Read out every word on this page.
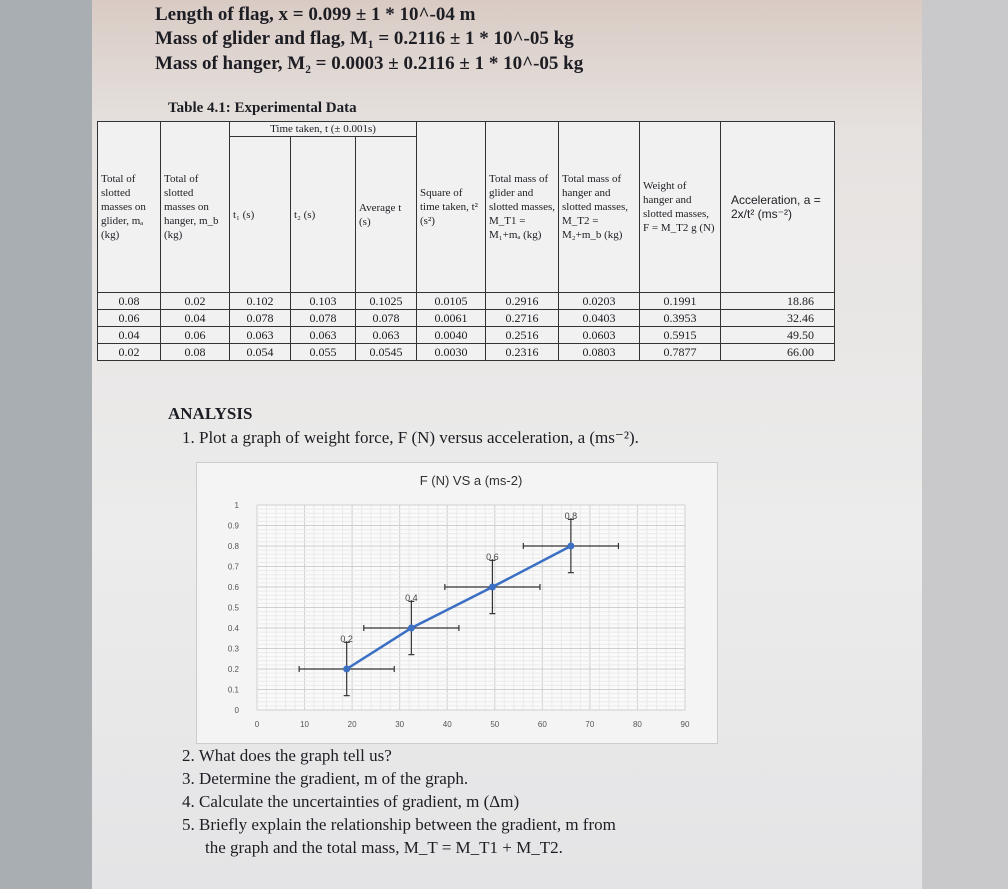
Length of flag, x = 0.099 ± 1 * 10^-04 m
Mass of glider and flag, M₁ = 0.2116 ± 1 * 10^-05 kg
Mass of hanger, M₂ = 0.0003 ± 0.2116 ± 1 * 10^-05 kg
Table 4.1: Experimental Data
Total of slotted masses on glider, mₐ (kg)	Total of slotted masses on hanger, m_b (kg)	Time taken, t (± 0.001s)			Square of time taken, t² (s²)	Total mass of glider and slotted masses, M_T1 = M₁+mₐ (kg)	Total mass of hanger and slotted masses, M_T2 = M₂+m_b (kg)	Weight of hanger and slotted masses, F = M_T2 g (N)	Acceleration, a = 2x/t² (ms⁻²)
		t₁ (s)	t₂ (s)	Average t (s)					
0.08	0.02	0.102	0.103	0.1025	0.0105	0.2916	0.0203	0.1991	18.86
0.06	0.04	0.078	0.078	0.078	0.0061	0.2716	0.0403	0.3953	32.46
0.04	0.06	0.063	0.063	0.063	0.0040	0.2516	0.0603	0.5915	49.50
0.02	0.08	0.054	0.055	0.0545	0.0030	0.2316	0.0803	0.7877	66.00
ANALYSIS
1. Plot a graph of weight force, F (N) versus acceleration, a (ms⁻²).
F (N) VS a (ms-2)
0	10	20	30	40	50	60	70	80	90
0
0.1
0.2
0.3
0.4
0.5
0.6
0.7
0.8
0.9
1
0.2
0.4
0.6
0.8
2. What does the graph tell us?
3. Determine the gradient, m of the graph.
4. Calculate the uncertainties of gradient, m (Δm)
5. Briefly explain the relationship between the gradient, m from
the graph and the total mass, M_T = M_T1 + M_T2.
